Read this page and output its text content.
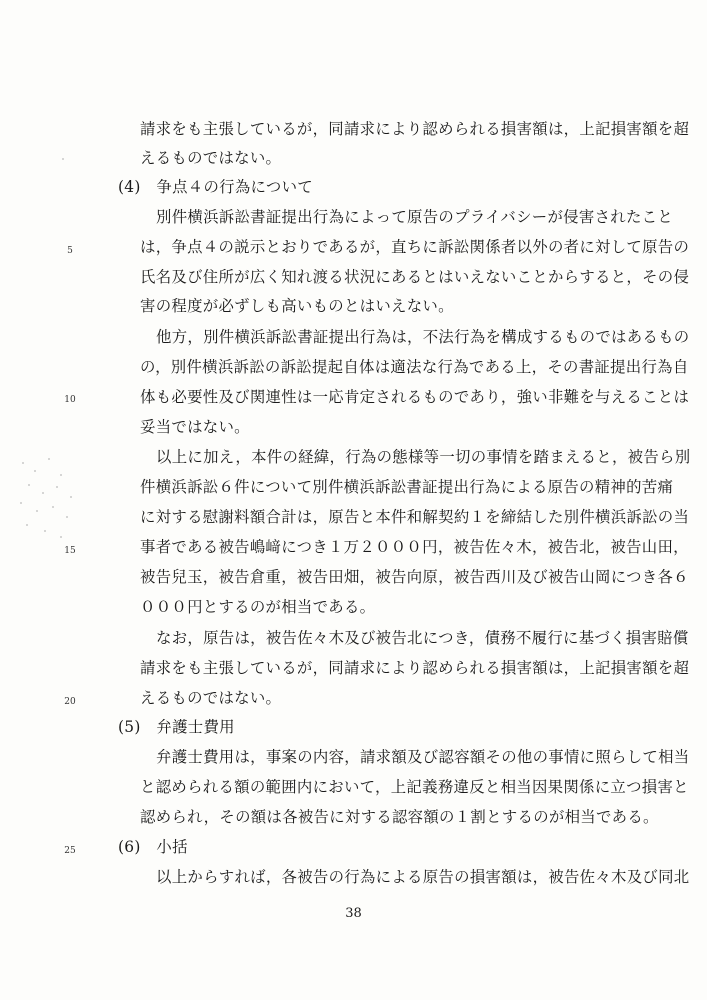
請求をも主張しているが，同請求により認められる損害額は，上記損害額を超
えるものではない。
(4)　争点４の行為について
別件横浜訴訟書証提出行為によって原告のプライバシーが侵害されたこと
は，争点４の説示とおりであるが，直ちに訴訟関係者以外の者に対して原告の
氏名及び住所が広く知れ渡る状況にあるとはいえないことからすると，その侵
害の程度が必ずしも高いものとはいえない。
他方，別件横浜訴訟書証提出行為は，不法行為を構成するものではあるもの
の，別件横浜訴訟の訴訟提起自体は適法な行為である上，その書証提出行為自
体も必要性及び関連性は一応肯定されるものであり，強い非難を与えることは
妥当ではない。
以上に加え，本件の経緯，行為の態様等一切の事情を踏まえると，被告ら別
件横浜訴訟６件について別件横浜訴訟書証提出行為による原告の精神的苦痛
に対する慰謝料額合計は，原告と本件和解契約１を締結した別件横浜訴訟の当
事者である被告嶋﨑につき１万２０００円，被告佐々木，被告北，被告山田，
被告兒玉，被告倉重，被告田畑，被告向原，被告西川及び被告山岡につき各６
０００円とするのが相当である。
なお，原告は，被告佐々木及び被告北につき，債務不履行に基づく損害賠償
請求をも主張しているが，同請求により認められる損害額は，上記損害額を超
えるものではない。
(5)　弁護士費用
弁護士費用は，事案の内容，請求額及び認容額その他の事情に照らして相当
と認められる額の範囲内において，上記義務違反と相当因果関係に立つ損害と
認められ，その額は各被告に対する認容額の１割とするのが相当である。
(6)　小括
以上からすれば，各被告の行為による原告の損害額は，被告佐々木及び同北
5
10
15
20
25
38
